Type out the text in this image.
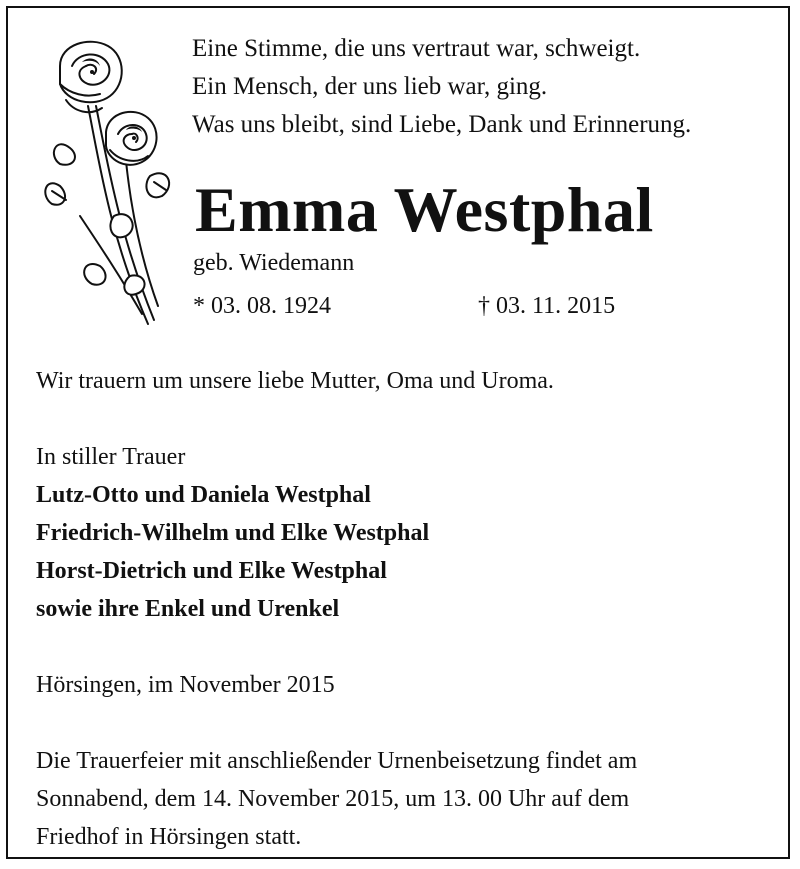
Eine Stimme, die uns vertraut war, schweigt.
Ein Mensch, der uns lieb war, ging.
Was uns bleibt, sind Liebe, Dank und Erinnerung.
Emma Westphal
geb. Wiedemann
* 03. 08. 1924	† 03. 11. 2015
Wir trauern um unsere liebe Mutter, Oma und Uroma.
In stiller Trauer
Lutz-Otto und Daniela Westphal
Friedrich-Wilhelm und Elke Westphal
Horst-Dietrich und Elke Westphal
sowie ihre Enkel und Urenkel
Hörsingen, im November 2015
Die Trauerfeier mit anschließender Urnenbeisetzung findet am
Sonnabend, dem 14. November 2015, um 13. 00 Uhr auf dem
Friedhof in Hörsingen statt.
